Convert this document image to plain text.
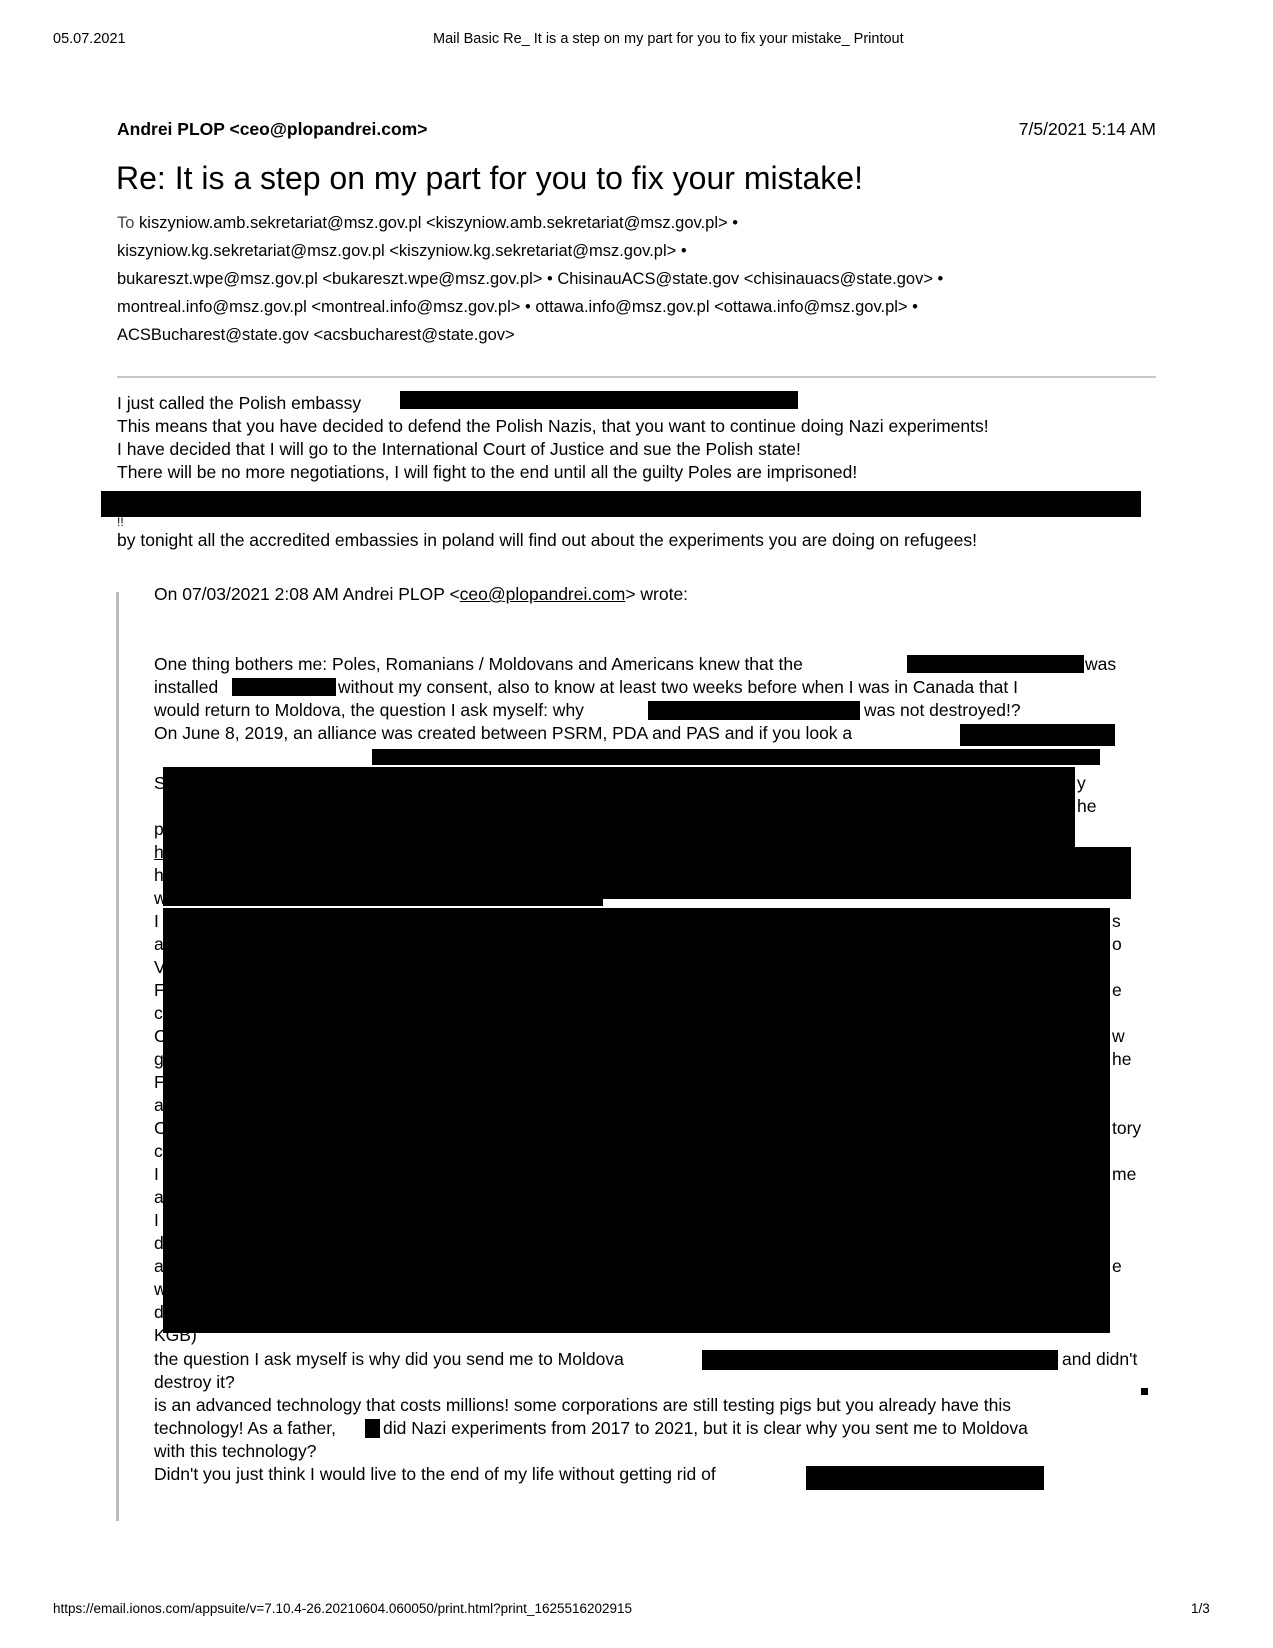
05.07.2021	Mail Basic Re_ It is a step on my part for you to fix your mistake_ Printout
Andrei PLOP <ceo@plopandrei.com>	7/5/2021 5:14 AM
Re: It is a step on my part for you to fix your mistake!
To kiszyniow.amb.sekretariat@msz.gov.pl <kiszyniow.amb.sekretariat@msz.gov.pl> •
kiszyniow.kg.sekretariat@msz.gov.pl <kiszyniow.kg.sekretariat@msz.gov.pl> •
bukareszt.wpe@msz.gov.pl <bukareszt.wpe@msz.gov.pl> • ChisinauACS@state.gov <chisinauacs@state.gov> •
montreal.info@msz.gov.pl <montreal.info@msz.gov.pl> • ottawa.info@msz.gov.pl <ottawa.info@msz.gov.pl> •
ACSBucharest@state.gov <acsbucharest@state.gov>
I just called the Polish embassy
This means that you have decided to defend the Polish Nazis, that you want to continue doing Nazi experiments!
I have decided that I will go to the International Court of Justice and sue the Polish state!
There will be no more negotiations, I will fight to the end until all the guilty Poles are imprisoned!
!!
by tonight all the accredited embassies in poland will find out about the experiments you are doing on refugees!
On 07/03/2021 2:08 AM Andrei PLOP <ceo@plopandrei.com> wrote:
One thing bothers me: Poles, Romanians / Moldovans and Americans knew that the	was
installed	without my consent, also to know at least two weeks before when I was in Canada that I
would return to Moldova, the question I ask myself: why	was not destroyed!?
On June 8, 2019, an alliance was created between PSRM, PDA and PAS and if you look a
S	y
he
p
h
h
w
I	s
a	o
V
F	e
c
C	w
g	he
F
a
C	tory
c
I	me
a
I
d
a	e
w
d
KGB)
the question I ask myself is why did you send me to Moldova	and didn't
destroy it?
is an advanced technology that costs millions! some corporations are still testing pigs but you already have this
technology! As a father,	did Nazi experiments from 2017 to 2021, but it is clear why you sent me to Moldova
with this technology?
Didn't you just think I would live to the end of my life without getting rid of
https://email.ionos.com/appsuite/v=7.10.4-26.20210604.060050/print.html?print_1625516202915	1/3
